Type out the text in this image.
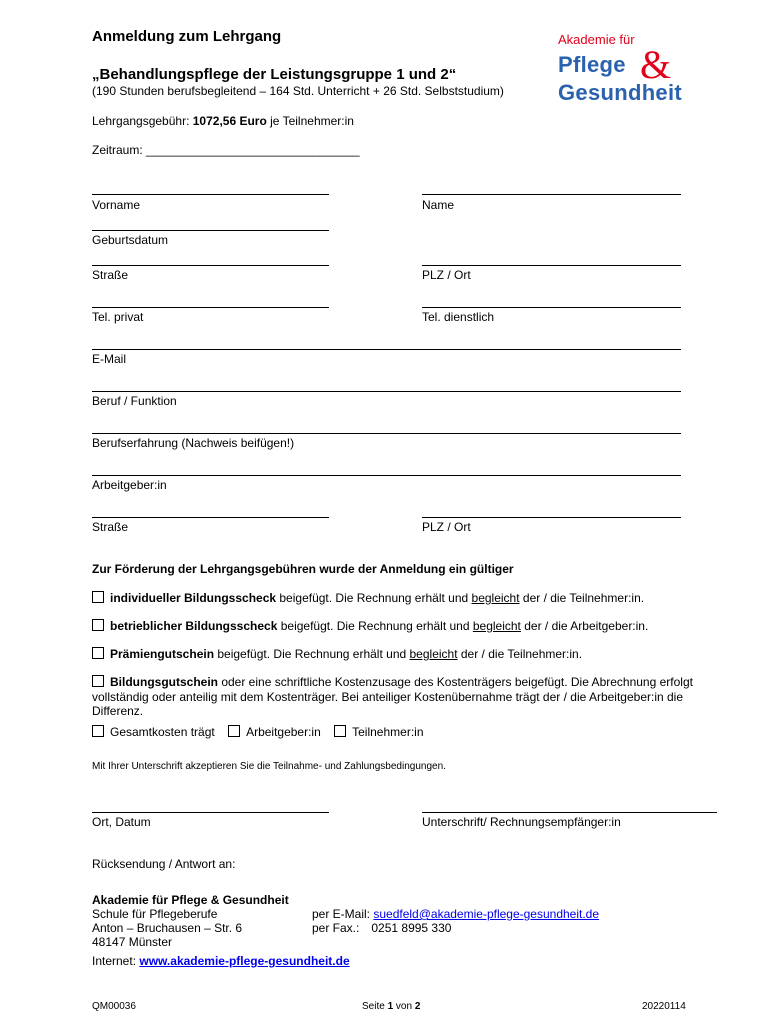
Anmeldung zum Lehrgang
„Behandlungspflege der Leistungsgruppe 1 und 2“
(190 Stunden berufsbegleitend – 164 Std. Unterricht + 26 Std. Selbststudium)
Lehrgangsgebühr: 1072,56 Euro je Teilnehmer:in
Zeitraum: ________________________________
Akademie für
Pflege &
Gesundheit
Vorname	Name
Geburtsdatum
Straße	PLZ / Ort
Tel. privat	Tel. dienstlich
E-Mail
Beruf / Funktion
Berufserfahrung (Nachweis beifügen!)
Arbeitgeber:in
Straße	PLZ / Ort
Zur Förderung der Lehrgangsgebühren wurde der Anmeldung ein gültiger
individueller Bildungsscheck beigefügt. Die Rechnung erhält und begleicht der / die Teilnehmer:in.
betrieblicher Bildungsscheck beigefügt. Die Rechnung erhält und begleicht der / die Arbeitgeber:in.
Prämiengutschein beigefügt. Die Rechnung erhält und begleicht der / die Teilnehmer:in.
Bildungsgutschein oder eine schriftliche Kostenzusage des Kostenträgers beigefügt. Die Abrechnung erfolgt
vollständig oder anteilig mit dem Kostenträger. Bei anteiliger Kostenübernahme trägt der / die Arbeitgeber:in die
Differenz.
Gesamtkosten trägt	Arbeitgeber:in	Teilnehmer:in
Mit Ihrer Unterschrift akzeptieren Sie die Teilnahme- und Zahlungsbedingungen.
Ort, Datum	Unterschrift/ Rechnungsempfänger:in
Rücksendung / Antwort an:
Akademie für Pflege & Gesundheit
Schule für Pflegeberufe
Anton – Bruchausen – Str. 6
48147 Münster
per E-Mail: suedfeld@akademie-pflege-gesundheit.de
per Fax.: 0251 8995 330
Internet: www.akademie-pflege-gesundheit.de
QM00036	Seite 1 von 2	20220114
